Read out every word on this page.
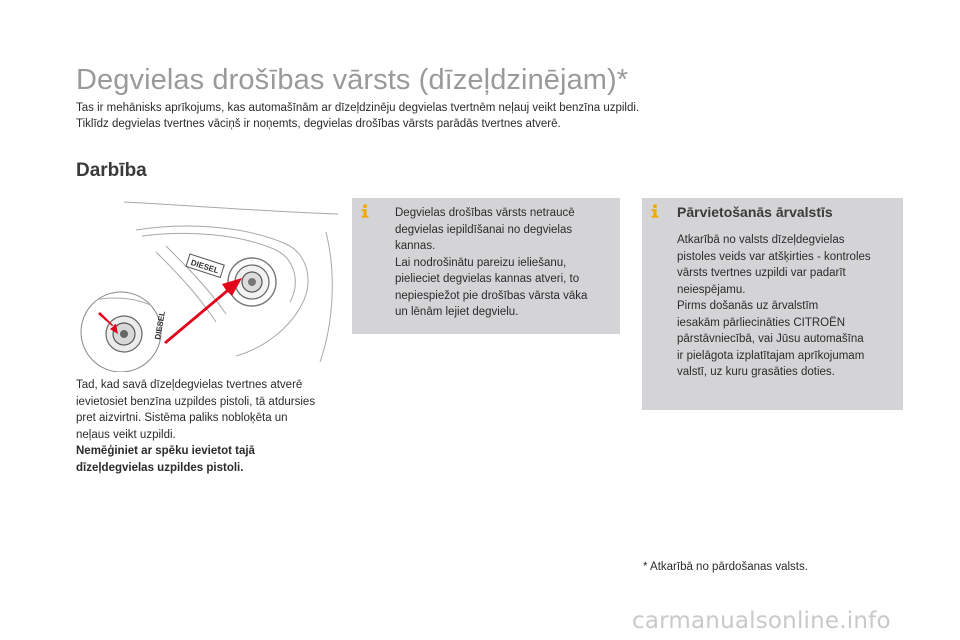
Degvielas drošības vārsts (dīzeļdzinējam)*
Tas ir mehānisks aprīkojums, kas automašīnām ar dīzeļdzinēju degvielas tvertnēm neļauj veikt benzīna uzpildi.
Tiklīdz degvielas tvertnes vāciņš ir noņemts, degvielas drošības vārsts parādās tvertnes atverē.
Darbība
DIESEL
DIESEL
Tad, kad savā dīzeļdegvielas tvertnes atverē
ievietosiet benzīna uzpildes pistoli, tā atdursies
pret aizvirtni. Sistēma paliks nobloķēta un
neļaus veikt uzpildi.
Nemēģiniet ar spēku ievietot tajā
dīzeļdegvielas uzpildes pistoli.
Degvielas drošības vārsts netraucē
degvielas iepildīšanai no degvielas
kannas.
Lai nodrošinātu pareizu ieliešanu,
pielieciet degvielas kannas atveri, to
nepiespiežot pie drošības vārsta vāka
un lēnām lejiet degvielu.
Pārvietošanās ārvalstīs
Atkarībā no valsts dīzeļdegvielas
pistoles veids var atšķirties - kontroles
vārsts tvertnes uzpildi var padarīt
neiespējamu.
Pirms došanās uz ārvalstīm
iesakām pārliecināties CITROËN
pārstāvniecībā, vai Jūsu automašīna
ir pielāgota izplatītajam aprīkojumam
valstī, uz kuru grasāties doties.
* Atkarībā no pārdošanas valsts.
carmanualsonline.info
